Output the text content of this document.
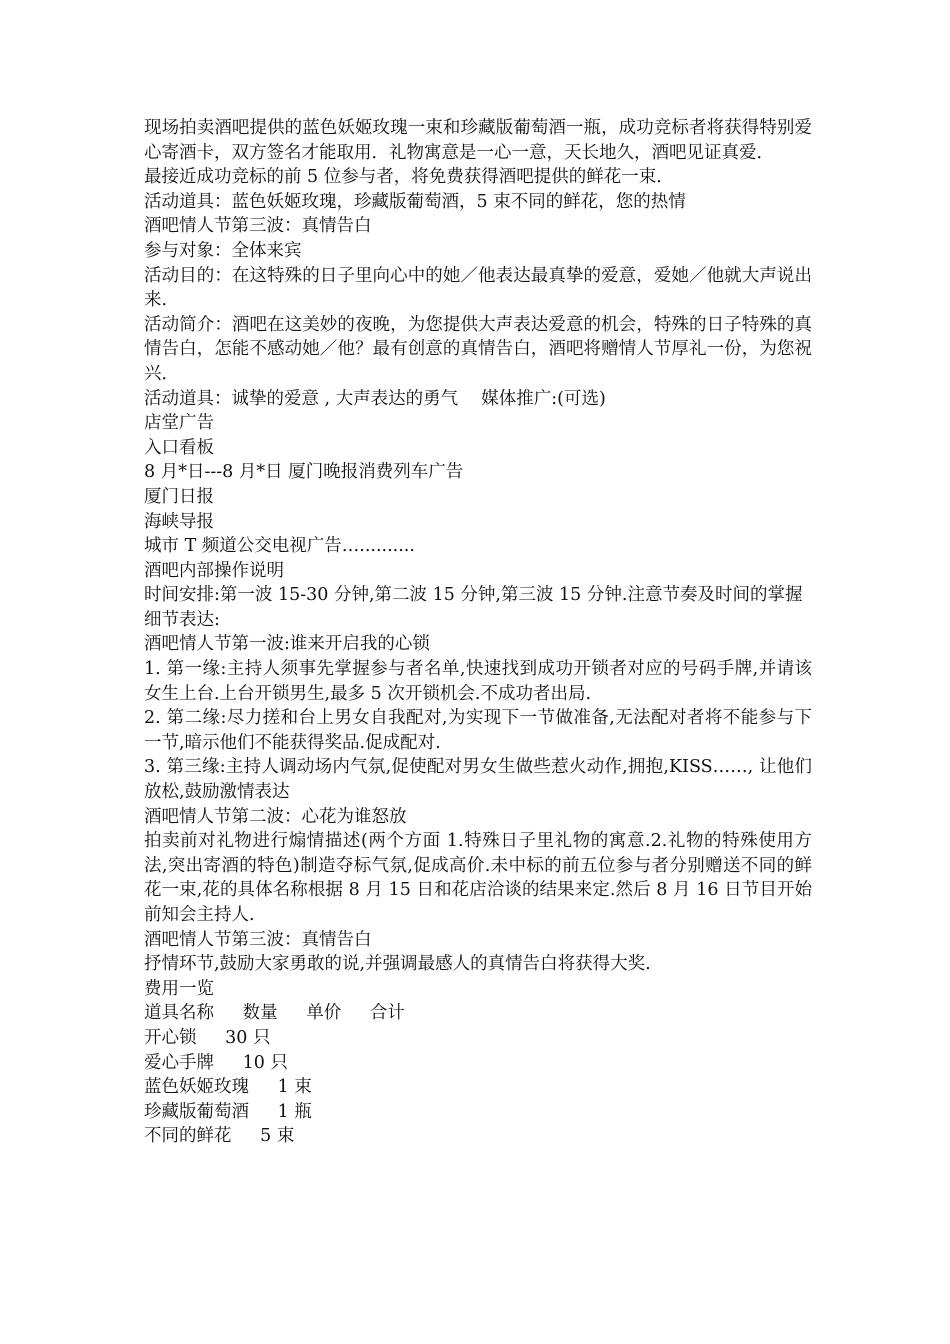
现场拍卖酒吧提供的蓝色妖姬玫瑰一束和珍藏版葡萄酒一瓶，成功竞标者将获得特别爱心寄酒卡，双方签名才能取用．礼物寓意是一心一意，天长地久，酒吧见证真爱．

最接近成功竞标的前 5 位参与者，将免费获得酒吧提供的鲜花一束．

活动道具：蓝色妖姬玫瑰，珍藏版葡萄酒，5 束不同的鲜花，您的热情

酒吧情人节第三波：真情告白

参与对象：全体来宾

活动目的：在这特殊的日子里向心中的她／他表达最真挚的爱意，爱她／他就大声说出来．

活动简介：酒吧在这美妙的夜晚，为您提供大声表达爱意的机会，特殊的日子特殊的真情告白，怎能不感动她／他？最有创意的真情告白，酒吧将赠情人节厚礼一份，为您祝兴．

活动道具：诚挚的爱意 , 大声表达的勇气　 媒体推广:(可选)

店堂广告

入口看板

8 月*日---8 月*日 厦门晚报消费列车广告

厦门日报

海峡导报

城市 T 频道公交电视广告…..........

酒吧内部操作说明

时间安排:第一波 15-30 分钟,第二波 15 分钟,第三波 15 分钟.注意节奏及时间的掌握

细节表达:

酒吧情人节第一波:谁来开启我的心锁

1. 第一缘:主持人须事先掌握参与者名单,快速找到成功开锁者对应的号码手牌,并请该女生上台.上台开锁男生,最多 5 次开锁机会.不成功者出局.

2. 第二缘:尽力搓和台上男女自我配对,为实现下一节做准备,无法配对者将不能参与下一节,暗示他们不能获得奖品.促成配对.

3. 第三缘:主持人调动场内气氛,促使配对男女生做些惹火动作,拥抱,KISS……, 让他们放松,鼓励激情表达

酒吧情人节第二波：心花为谁怒放

拍卖前对礼物进行煽情描述(两个方面 1.特殊日子里礼物的寓意.2.礼物的特殊使用方法,突出寄酒的特色)制造夺标气氛,促成高价.未中标的前五位参与者分别赠送不同的鲜花一束,花的具体名称根据 8 月 15 日和花店洽谈的结果来定.然后 8 月 16 日节目开始前知会主持人.

酒吧情人节第三波：真情告白

抒情环节,鼓励大家勇敢的说,并强调最感人的真情告白将获得大奖.

费用一览

道具名称　  数量　  单价　  合计
开心锁　  30 只
爱心手牌　  10 只
蓝色妖姬玫瑰　  1 束
珍藏版葡萄酒　  1 瓶
不同的鲜花　  5 束
